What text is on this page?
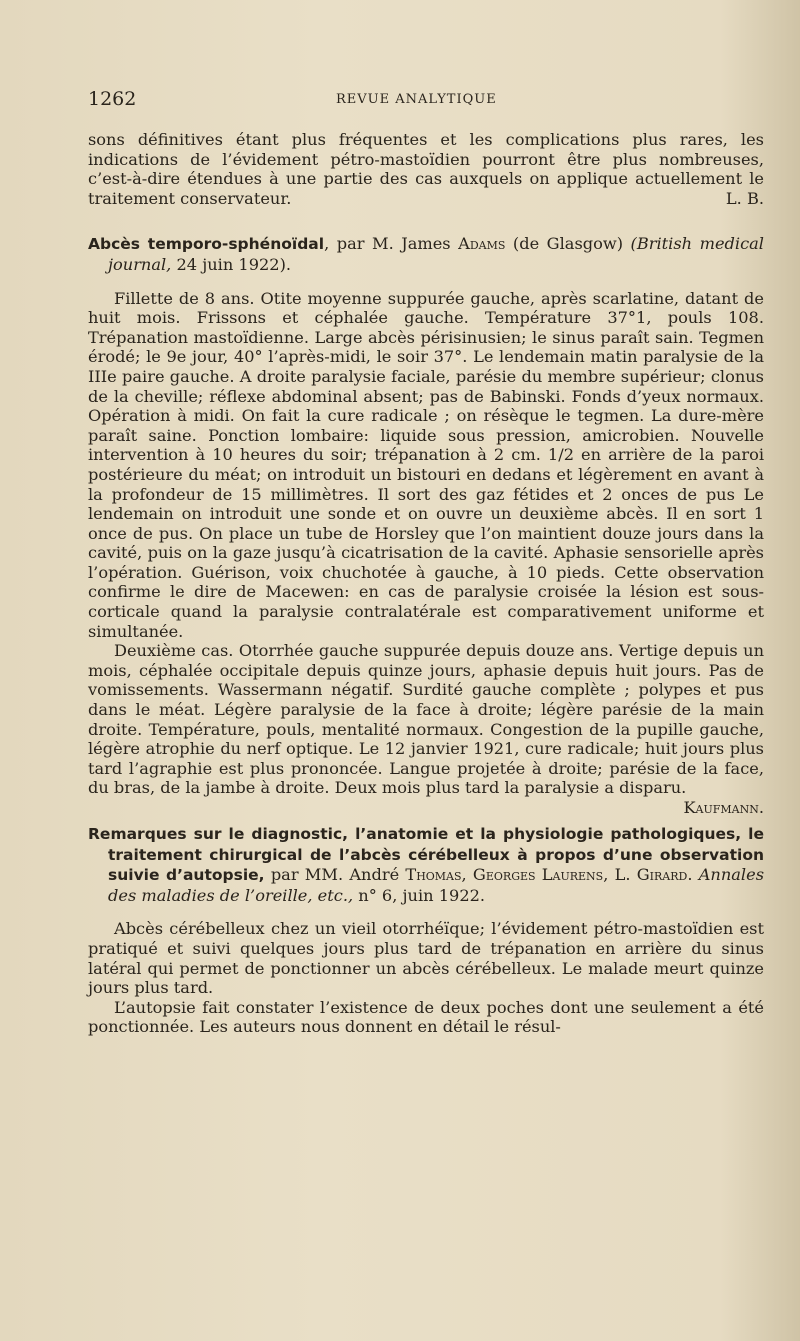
1262	REVUE ANALYTIQUE

sons définitives étant plus fréquentes et les complications plus rares, les indications de l’évidement pétro-mastoïdien pourront être plus nombreuses, c’est-à-dire étendues à une partie des cas auxquels on applique actuellement le traitement conservateur.	L. B.

Abcès temporo-sphénoïdal, par M. James Adams (de Glasgow) (British medical journal, 24 juin 1922).

Fillette de 8 ans. Otite moyenne suppurée gauche, après scarlatine, datant de huit mois. Frissons et céphalée gauche. Température 37°1, pouls 108. Trépanation mastoïdienne. Large abcès périsinusien; le sinus paraît sain. Tegmen érodé; le 9e jour, 40° l’après-midi, le soir 37°. Le lendemain matin paralysie de la IIIe paire gauche. A droite paralysie faciale, parésie du membre supérieur; clonus de la cheville; réflexe abdominal absent; pas de Babinski. Fonds d’yeux normaux. Opération à midi. On fait la cure radicale ; on résèque le tegmen. La dure-mère paraît saine. Ponction lombaire: liquide sous pression, amicrobien. Nouvelle intervention à 10 heures du soir; trépanation à 2 cm. 1/2 en arrière de la paroi postérieure du méat; on introduit un bistouri en dedans et légèrement en avant à la profondeur de 15 millimètres. Il sort des gaz fétides et 2 onces de pus Le lendemain on introduit une sonde et on ouvre un deuxième abcès. Il en sort 1 once de pus. On place un tube de Horsley que l’on maintient douze jours dans la cavité, puis on la gaze jusqu’à cicatrisation de la cavité. Aphasie sensorielle après l’opération. Guérison, voix chuchotée à gauche, à 10 pieds. Cette observation confirme le dire de Macewen: en cas de paralysie croisée la lésion est sous-corticale quand la paralysie contralatérale est comparativement uniforme et simultanée.

Deuxième cas. Otorrhée gauche suppurée depuis douze ans. Vertige depuis un mois, céphalée occipitale depuis quinze jours, aphasie depuis huit jours. Pas de vomissements. Wassermann négatif. Surdité gauche complète ; polypes et pus dans le méat. Légère paralysie de la face à droite; légère parésie de la main droite. Température, pouls, mentalité normaux. Congestion de la pupille gauche, légère atrophie du nerf optique. Le 12 janvier 1921, cure radicale; huit jours plus tard l’agraphie est plus prononcée. Langue projetée à droite; parésie de la face, du bras, de la jambe à droite. Deux mois plus tard la paralysie a disparu.
Kaufmann.

Remarques sur le diagnostic, l’anatomie et la physiologie pathologiques, le traitement chirurgical de l’abcès cérébelleux à propos d’une observation suivie d’autopsie, par MM. André Thomas, Georges Laurens, L. Girard. Annales des maladies de l’oreille, etc., n° 6, juin 1922.

Abcès cérébelleux chez un vieil otorrhéïque; l’évidement pétro-mastoïdien est pratiqué et suivi quelques jours plus tard de trépanation en arrière du sinus latéral qui permet de ponctionner un abcès cérébelleux. Le malade meurt quinze jours plus tard.

L’autopsie fait constater l’existence de deux poches dont une seulement a été ponctionnée. Les auteurs nous donnent en détail le résul-
